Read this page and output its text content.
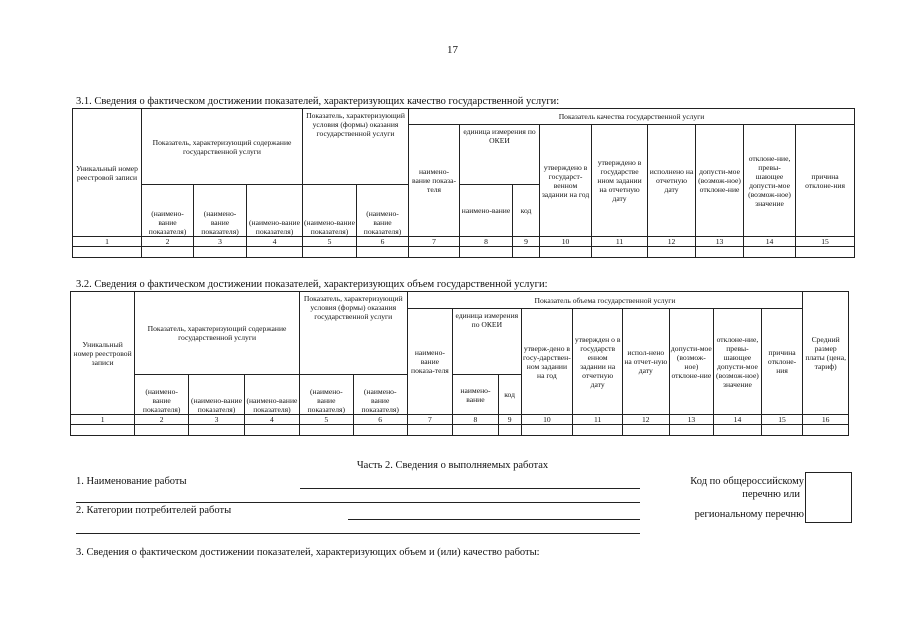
17
3.1. Сведения о фактическом достижении показателей, характеризующих качество государственной услуги:
Уникальный номер реестровой записи	Показатель, характеризующий содержание государственной услуги			Показатель, характеризующий условия (формы) оказания государственной услуги		Показатель качества государственной услуги								
						наимено-вание показа-теля	единица измерения по ОКЕИ		утверждено в государст-венном задании на год	утверждено в государстве нном задании на отчетную дату	исполнено на отчетную дату	допусти-мое (возмож-ное) отклоне-ние	отклоне-ние, превы-шающее допусти-мое (возмож-ное) значение	причина отклоне-ния
	(наимено-вание показателя)	(наимено-вание показателя)	(наимено-вание показателя)	(наимено-вание показателя)	(наимено-вание показателя)		наимено-вание	код						
1	2	3	4	5	6	7	8	9	10	11	12	13	14	15

3.2. Сведения о фактическом достижении показателей, характеризующих объем государственной услуги:
Уникальный номер реестровой записи	Показатель, характеризующий содержание государственной услуги			Показатель, характеризующий условия (формы) оказания государственной услуги		Показатель объема государственной услуги									Средний размер платы (цена, тариф)
						наимено-вание показа-теля	единица измерения по ОКЕИ		утверж-дено в госу-дарствен-ном задании на год	утвержден о в государств енном задании на отчетную дату	испол-нено на отчет-ную дату	допусти-мое (возмож-ное) отклоне-ние	отклоне-ние, превы-шающее допусти-мое (возмож-ное) значение	причина отклоне-ния	
	(наимено-вание показателя)	(наимено-вание показателя)	(наимено-вание показателя)	(наимено-вание показателя)	(наимено-вание показателя)		наимено-вание	код							
1	2	3	4	5	6	7	8	9	10	11	12	13	14	15	16

Часть 2. Сведения о выполняемых работах
1. Наименование работы
2. Категории потребителей работы
Код по общероссийскому
перечню или
региональному перечню
3. Сведения о фактическом достижении показателей, характеризующих объем и (или) качество работы:
